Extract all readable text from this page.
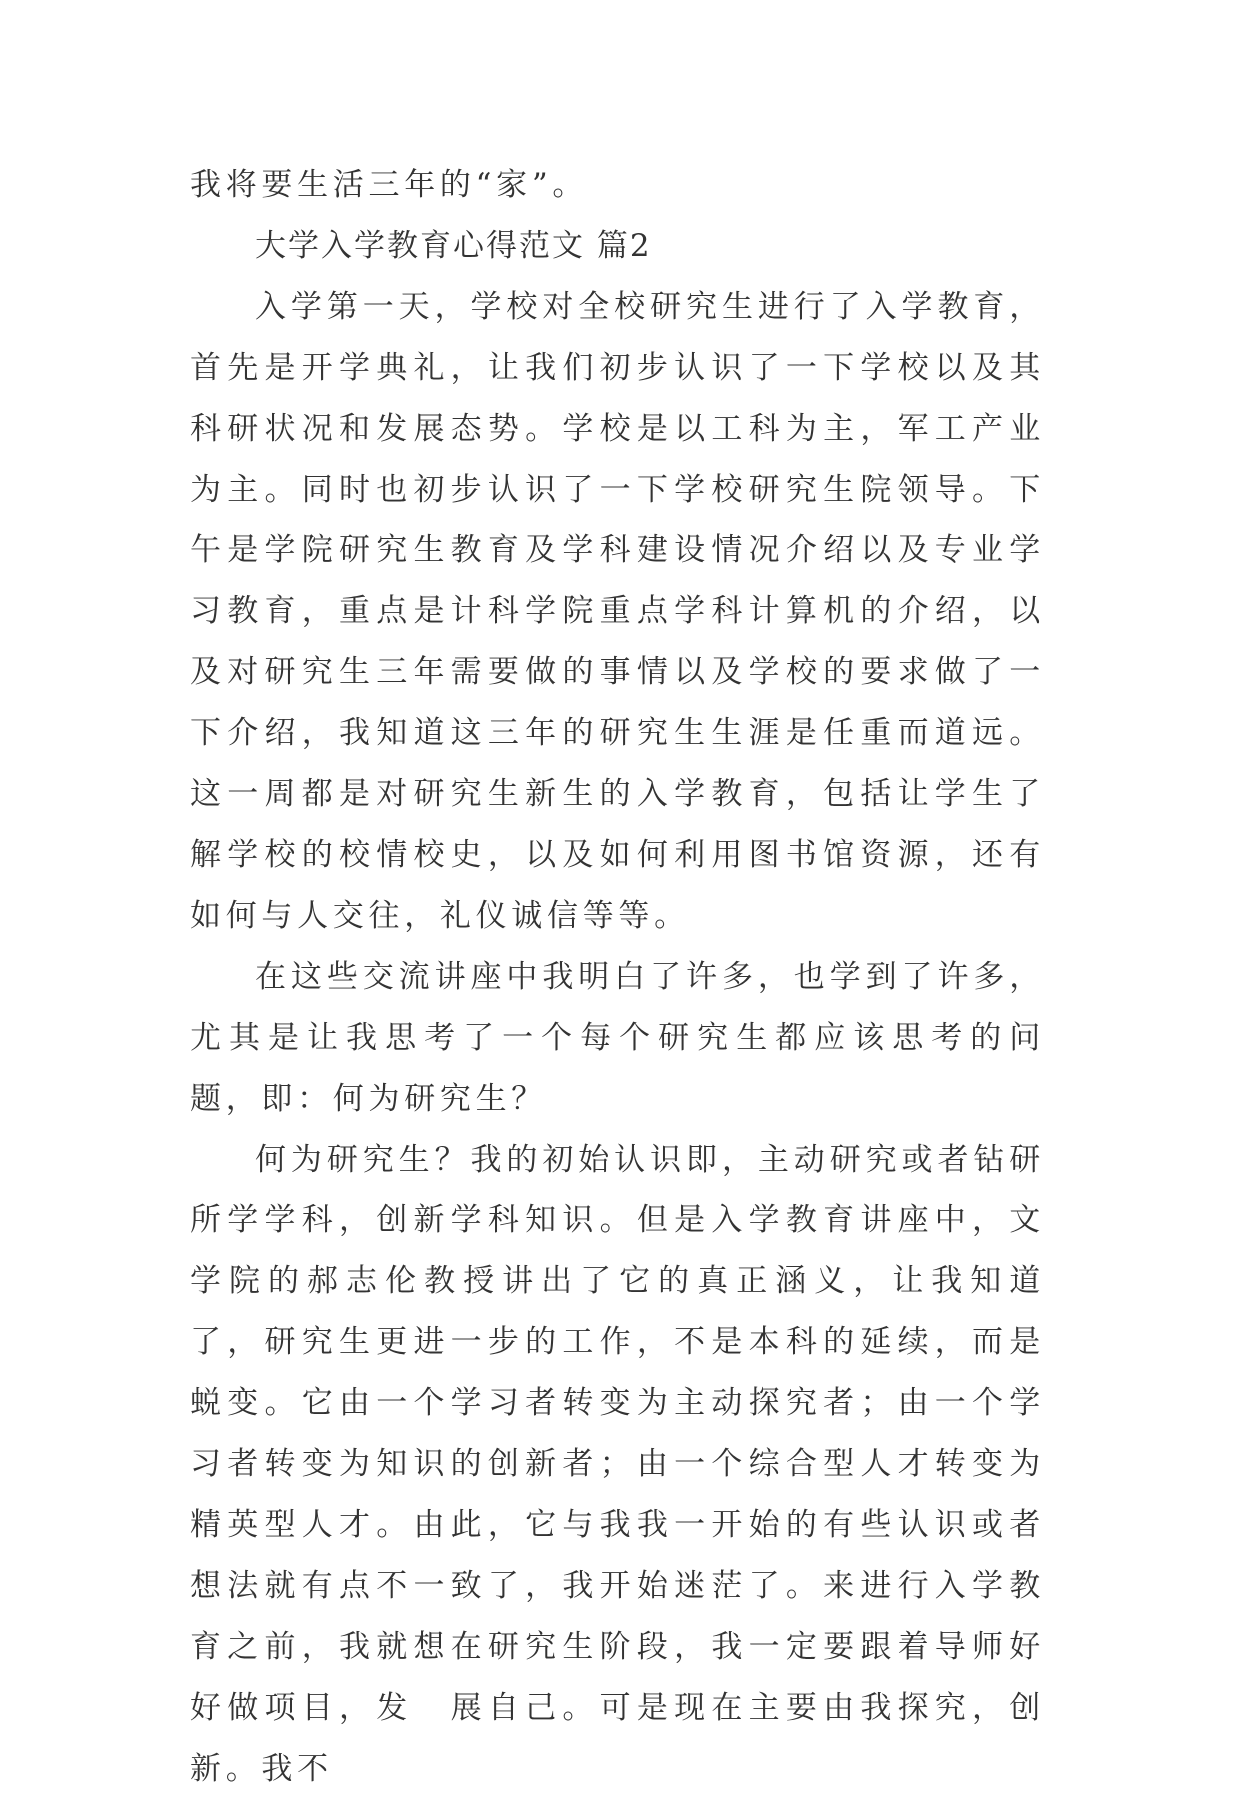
我将要生活三年的“家”。

大学入学教育心得范文 篇2

入学第一天，学校对全校研究生进行了入学教育，首先是开学典礼，让我们初步认识了一下学校以及其科研状况和发展态势。学校是以工科为主，军工产业为主。同时也初步认识了一下学校研究生院领导。下午是学院研究生教育及学科建设情况介绍以及专业学习教育，重点是计科学院重点学科计算机的介绍，以及对研究生三年需要做的事情以及学校的要求做了一下介绍，我知道这三年的研究生生涯是任重而道远。这一周都是对研究生新生的入学教育，包括让学生了解学校的校情校史，以及如何利用图书馆资源，还有如何与人交往，礼仪诚信等等。

在这些交流讲座中我明白了许多，也学到了许多，尤其是让我思考了一个每个研究生都应该思考的问题，即：何为研究生？

何为研究生？我的初始认识即，主动研究或者钻研所学学科，创新学科知识。但是入学教育讲座中，文学院的郝志伦教授讲出了它的真正涵义，让我知道了，研究生更进一步的工作，不是本科的延续，而是蜕变。它由一个学习者转变为主动探究者；由一个学习者转变为知识的创新者；由一个综合型人才转变为精英型人才。由此，它与我我一开始的有些认识或者想法就有点不一致了，我开始迷茫了。来进行入学教育之前，我就想在研究生阶段，我一定要跟着导师好好做项目，发　展自己。可是现在主要由我探究，创新。我不
